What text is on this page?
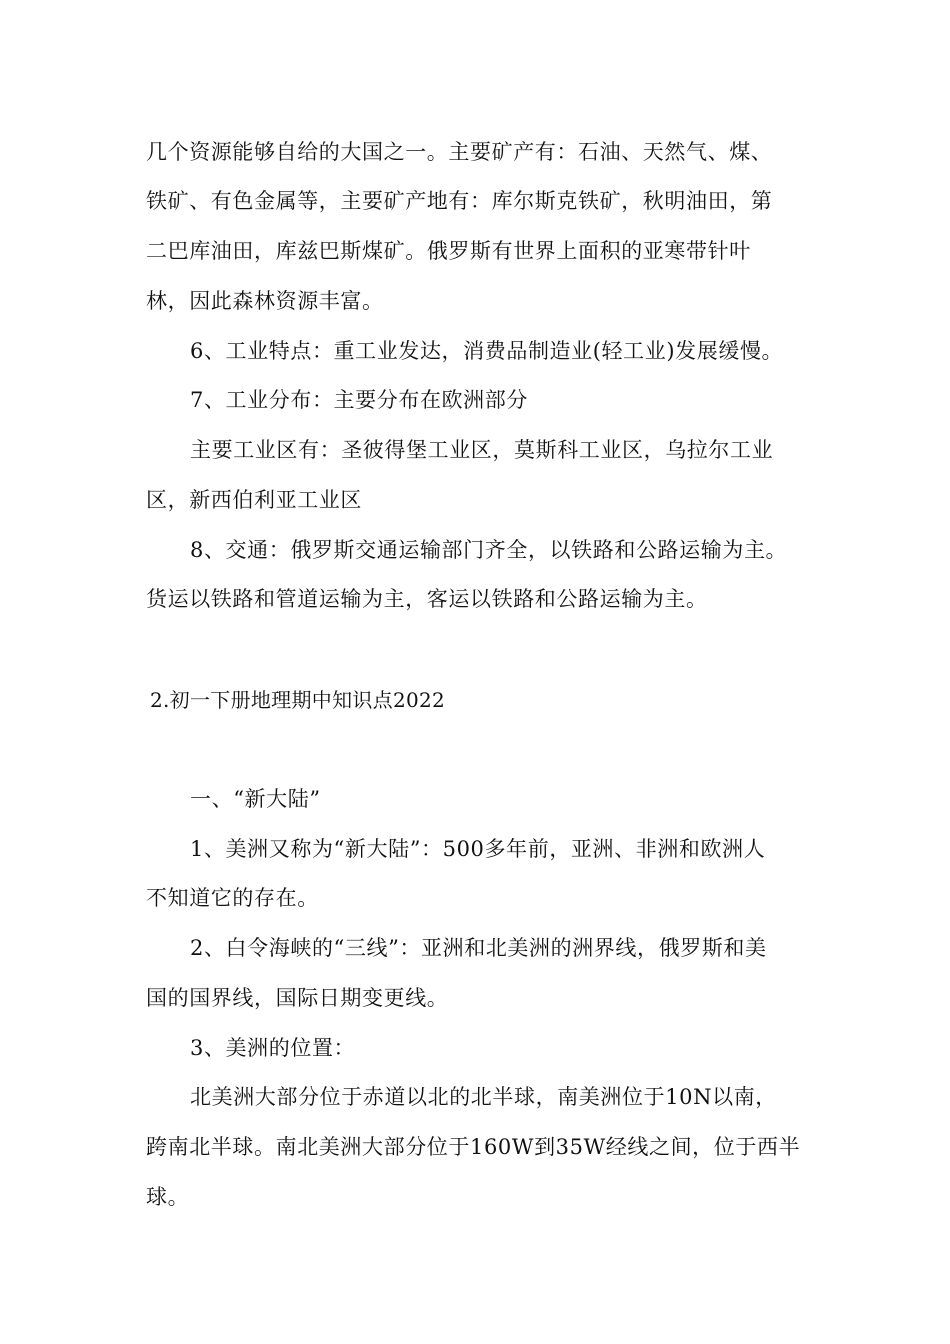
几个资源能够自给的大国之一。主要矿产有：石油、天然气、煤、
铁矿、有色金属等，主要矿产地有：库尔斯克铁矿，秋明油田，第
二巴库油田，库兹巴斯煤矿。俄罗斯有世界上面积的亚寒带针叶
林，因此森林资源丰富。
6、工业特点：重工业发达，消费品制造业(轻工业)发展缓慢。
7、工业分布：主要分布在欧洲部分
主要工业区有：圣彼得堡工业区，莫斯科工业区，乌拉尔工业
区，新西伯利亚工业区
8、交通：俄罗斯交通运输部门齐全，以铁路和公路运输为主。
货运以铁路和管道运输为主，客运以铁路和公路运输为主。
2.初一下册地理期中知识点2022
一、“新大陆”
1、美洲又称为“新大陆”：500多年前，亚洲、非洲和欧洲人
不知道它的存在。
2、白令海峡的“三线”：亚洲和北美洲的洲界线，俄罗斯和美
国的国界线，国际日期变更线。
3、美洲的位置：
北美洲大部分位于赤道以北的北半球，南美洲位于10N以南，
跨南北半球。南北美洲大部分位于160W到35W经线之间，位于西半
球。
